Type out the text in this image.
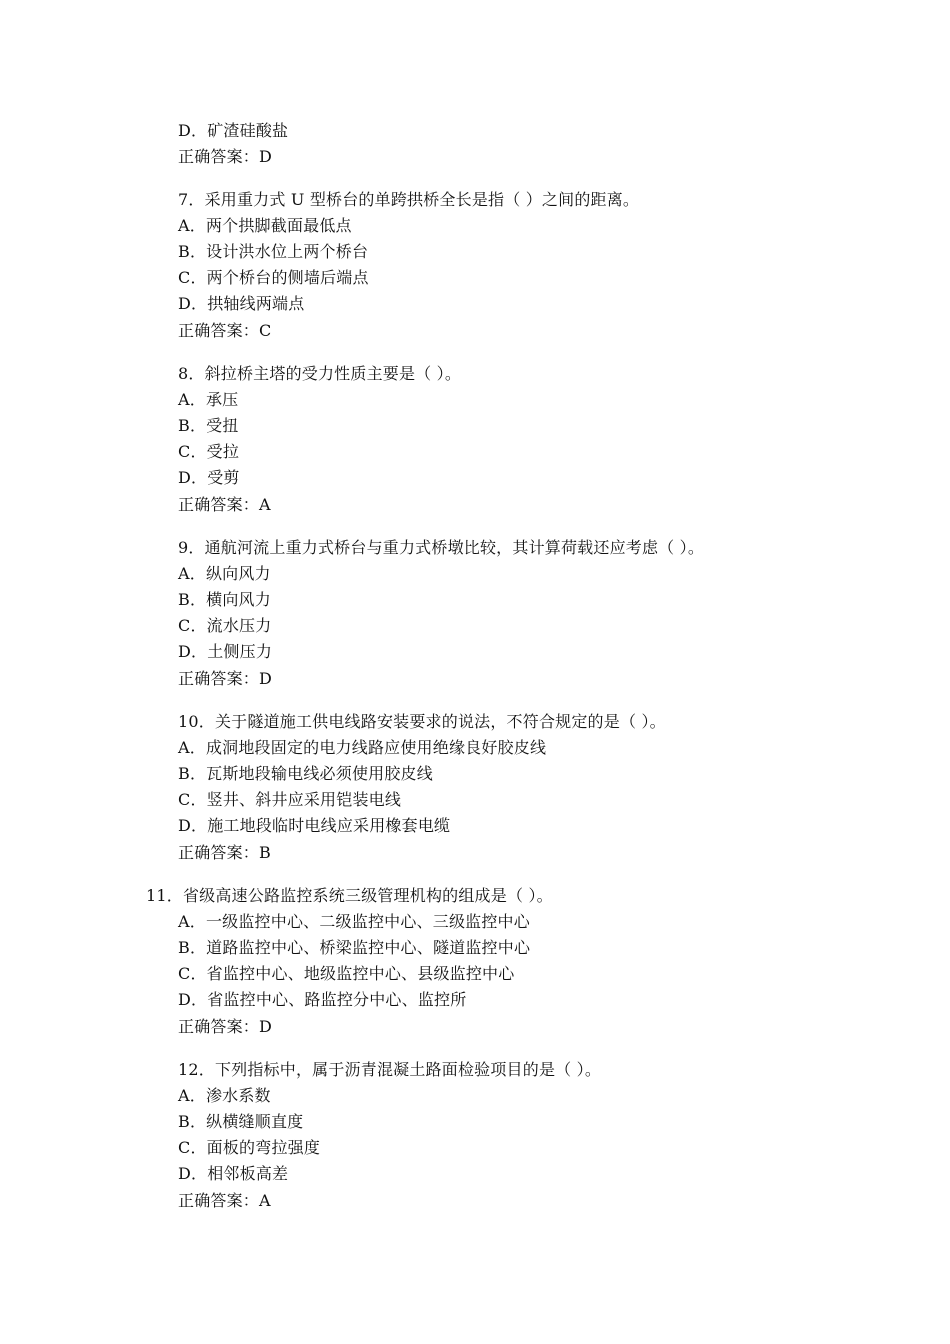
D．矿渣硅酸盐
正确答案：D
7．采用重力式 U 型桥台的单跨拱桥全长是指（ ）之间的距离。
A．两个拱脚截面最低点
B．设计洪水位上两个桥台
C．两个桥台的侧墙后端点
D．拱轴线两端点
正确答案：C
8．斜拉桥主塔的受力性质主要是（ ）。
A．承压
B．受扭
C．受拉
D．受剪
正确答案：A
9．通航河流上重力式桥台与重力式桥墩比较，其计算荷载还应考虑（ ）。
A．纵向风力
B．横向风力
C．流水压力
D．土侧压力
正确答案：D
10．关于隧道施工供电线路安装要求的说法，不符合规定的是（ ）。
A．成洞地段固定的电力线路应使用绝缘良好胶皮线
B．瓦斯地段输电线必须使用胶皮线
C．竖井、斜井应采用铠装电线
D．施工地段临时电线应采用橡套电缆
正确答案：B
11．省级高速公路监控系统三级管理机构的组成是（ ）。
A．一级监控中心、二级监控中心、三级监控中心
B．道路监控中心、桥梁监控中心、隧道监控中心
C．省监控中心、地级监控中心、县级监控中心
D．省监控中心、路监控分中心、监控所
正确答案：D
12．下列指标中，属于沥青混凝土路面检验项目的是（ ）。
A．渗水系数
B．纵横缝顺直度
C．面板的弯拉强度
D．相邻板高差
正确答案：A
